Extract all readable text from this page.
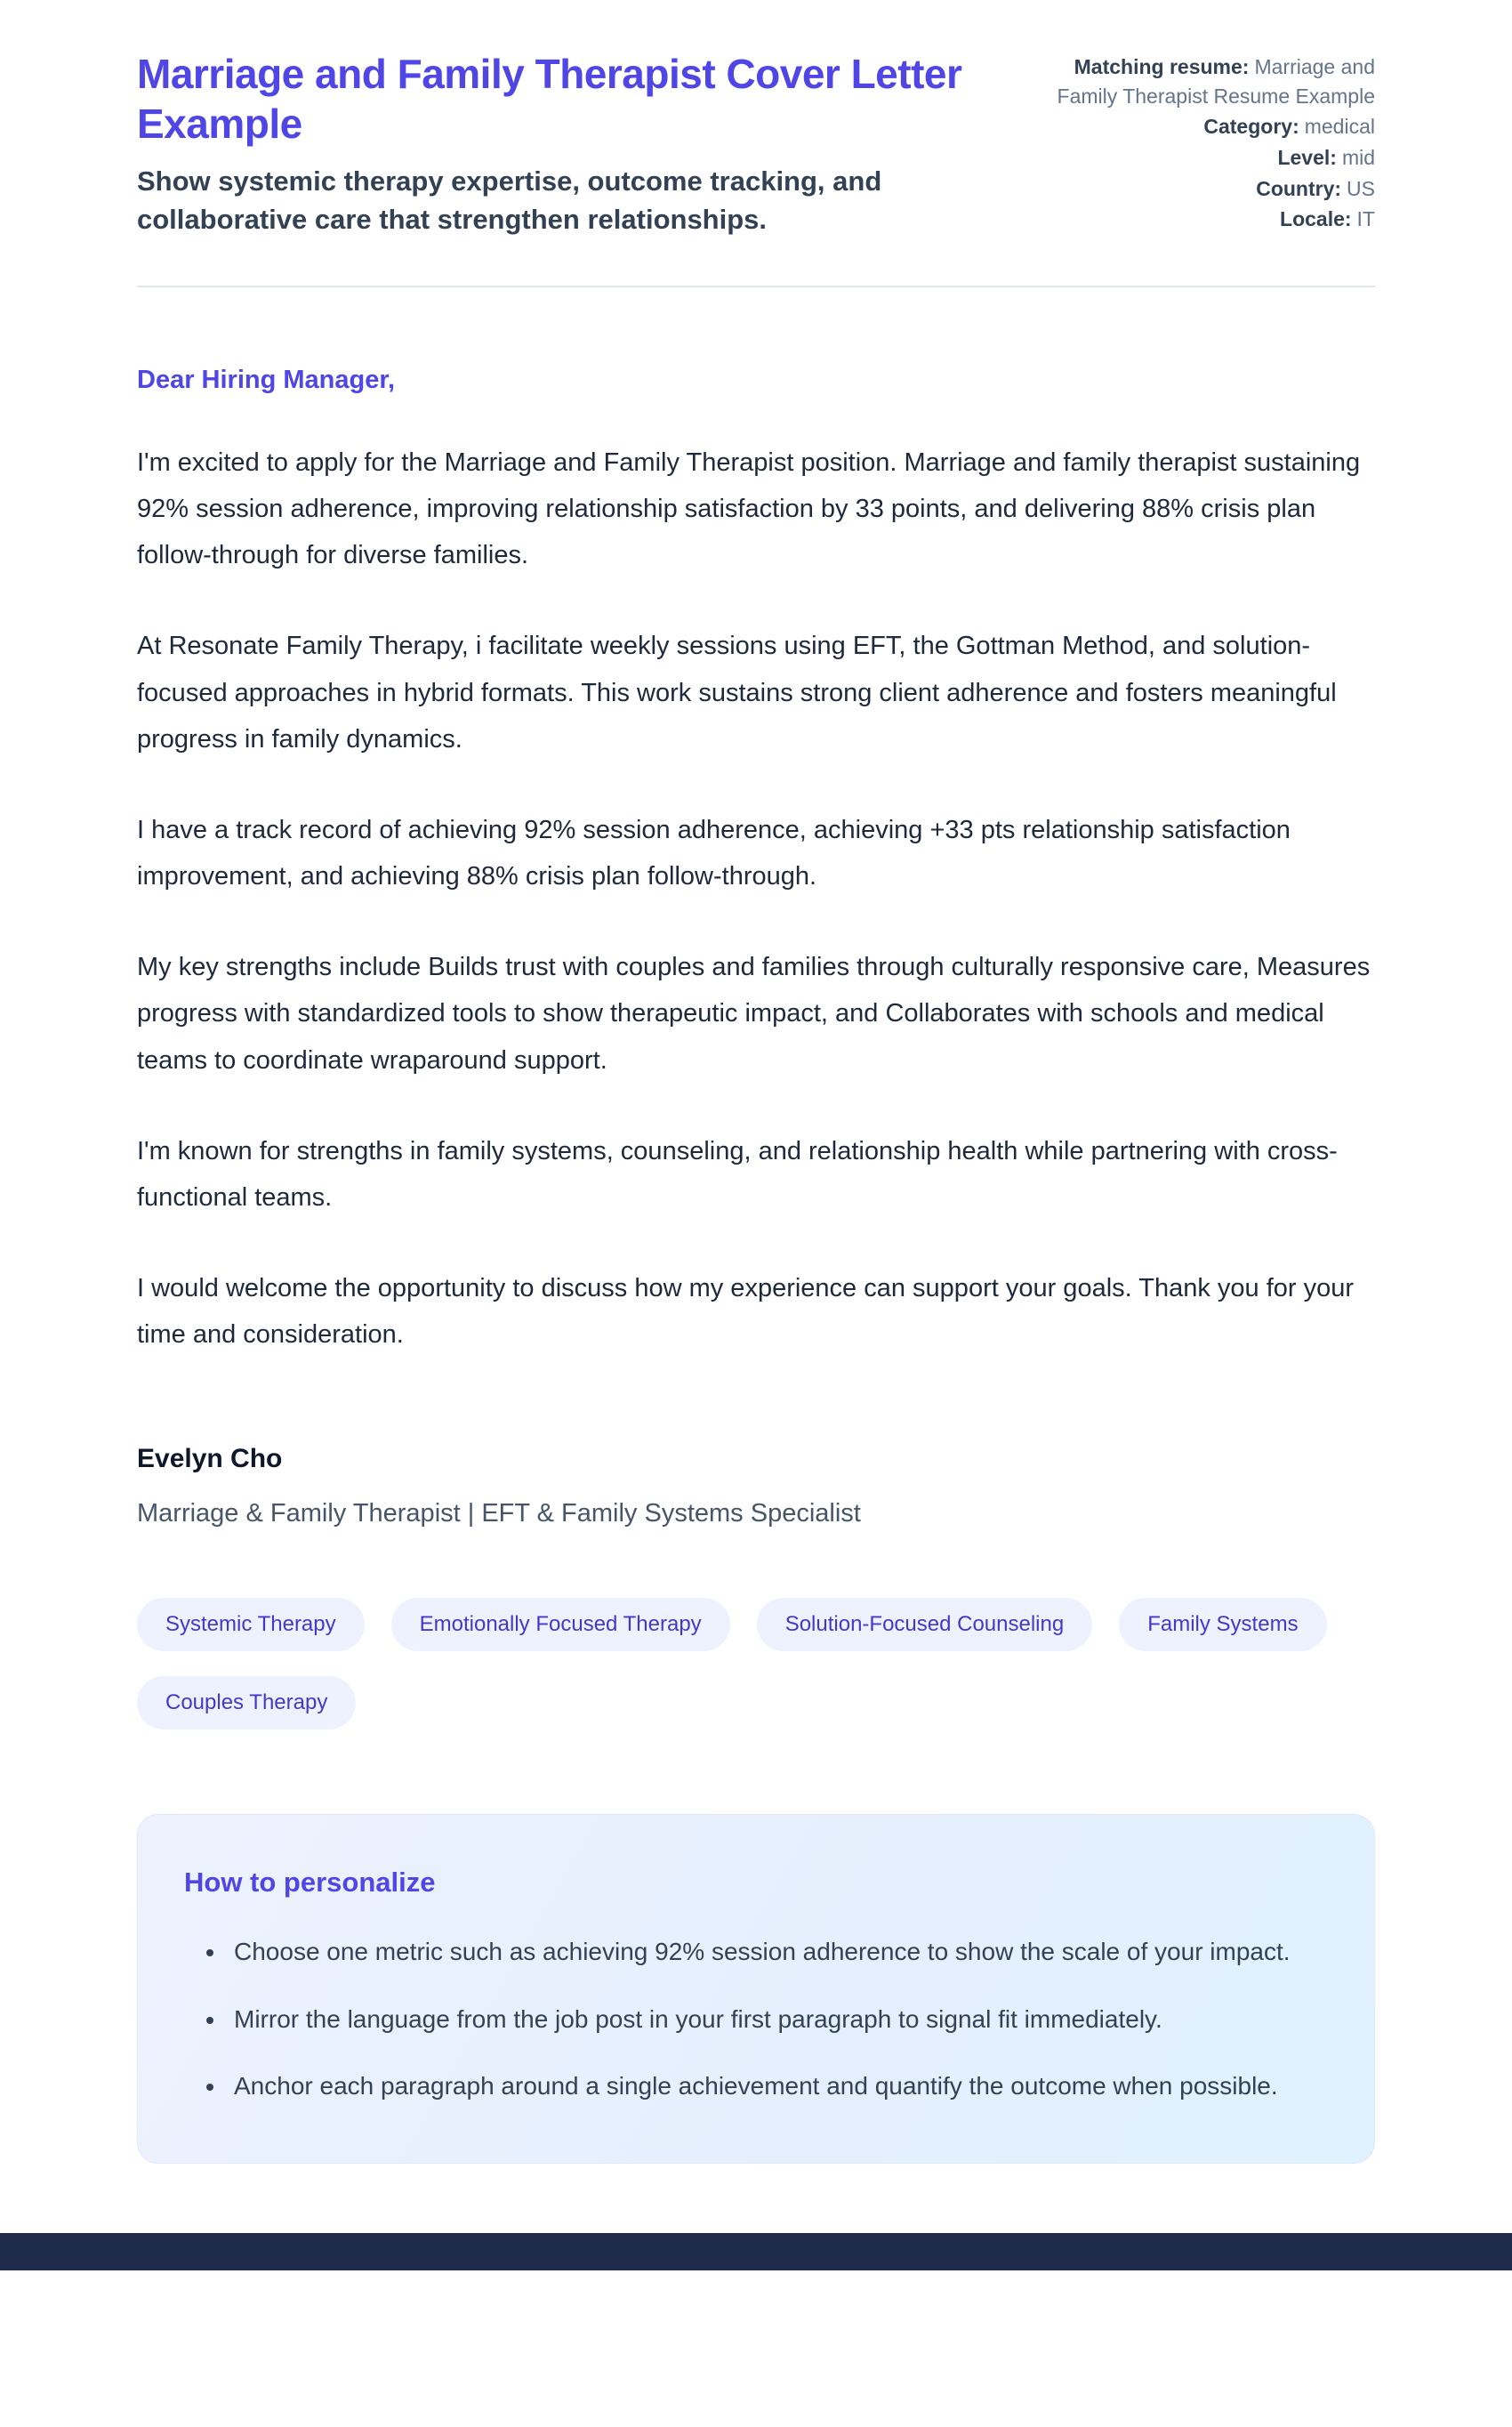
Marriage and Family Therapist Cover Letter Example
Show systemic therapy expertise, outcome tracking, and collaborative care that strengthen relationships.
Matching resume: Marriage and Family Therapist Resume Example
Category: medical
Level: mid
Country: US
Locale: IT

Dear Hiring Manager,

I'm excited to apply for the Marriage and Family Therapist position. Marriage and family therapist sustaining 92% session adherence, improving relationship satisfaction by 33 points, and delivering 88% crisis plan follow-through for diverse families.

At Resonate Family Therapy, i facilitate weekly sessions using EFT, the Gottman Method, and solution-focused approaches in hybrid formats. This work sustains strong client adherence and fosters meaningful progress in family dynamics.

I have a track record of achieving 92% session adherence, achieving +33 pts relationship satisfaction improvement, and achieving 88% crisis plan follow-through.

My key strengths include Builds trust with couples and families through culturally responsive care, Measures progress with standardized tools to show therapeutic impact, and Collaborates with schools and medical teams to coordinate wraparound support.

I'm known for strengths in family systems, counseling, and relationship health while partnering with cross-functional teams.

I would welcome the opportunity to discuss how my experience can support your goals. Thank you for your time and consideration.

Evelyn Cho

Marriage & Family Therapist | EFT & Family Systems Specialist

Systemic Therapy	Emotionally Focused Therapy	Solution-Focused Counseling	Family Systems
Couples Therapy
How to personalize
• Choose one metric such as achieving 92% session adherence to show the scale of your impact.
• Mirror the language from the job post in your first paragraph to signal fit immediately.
• Anchor each paragraph around a single achievement and quantify the outcome when possible.
